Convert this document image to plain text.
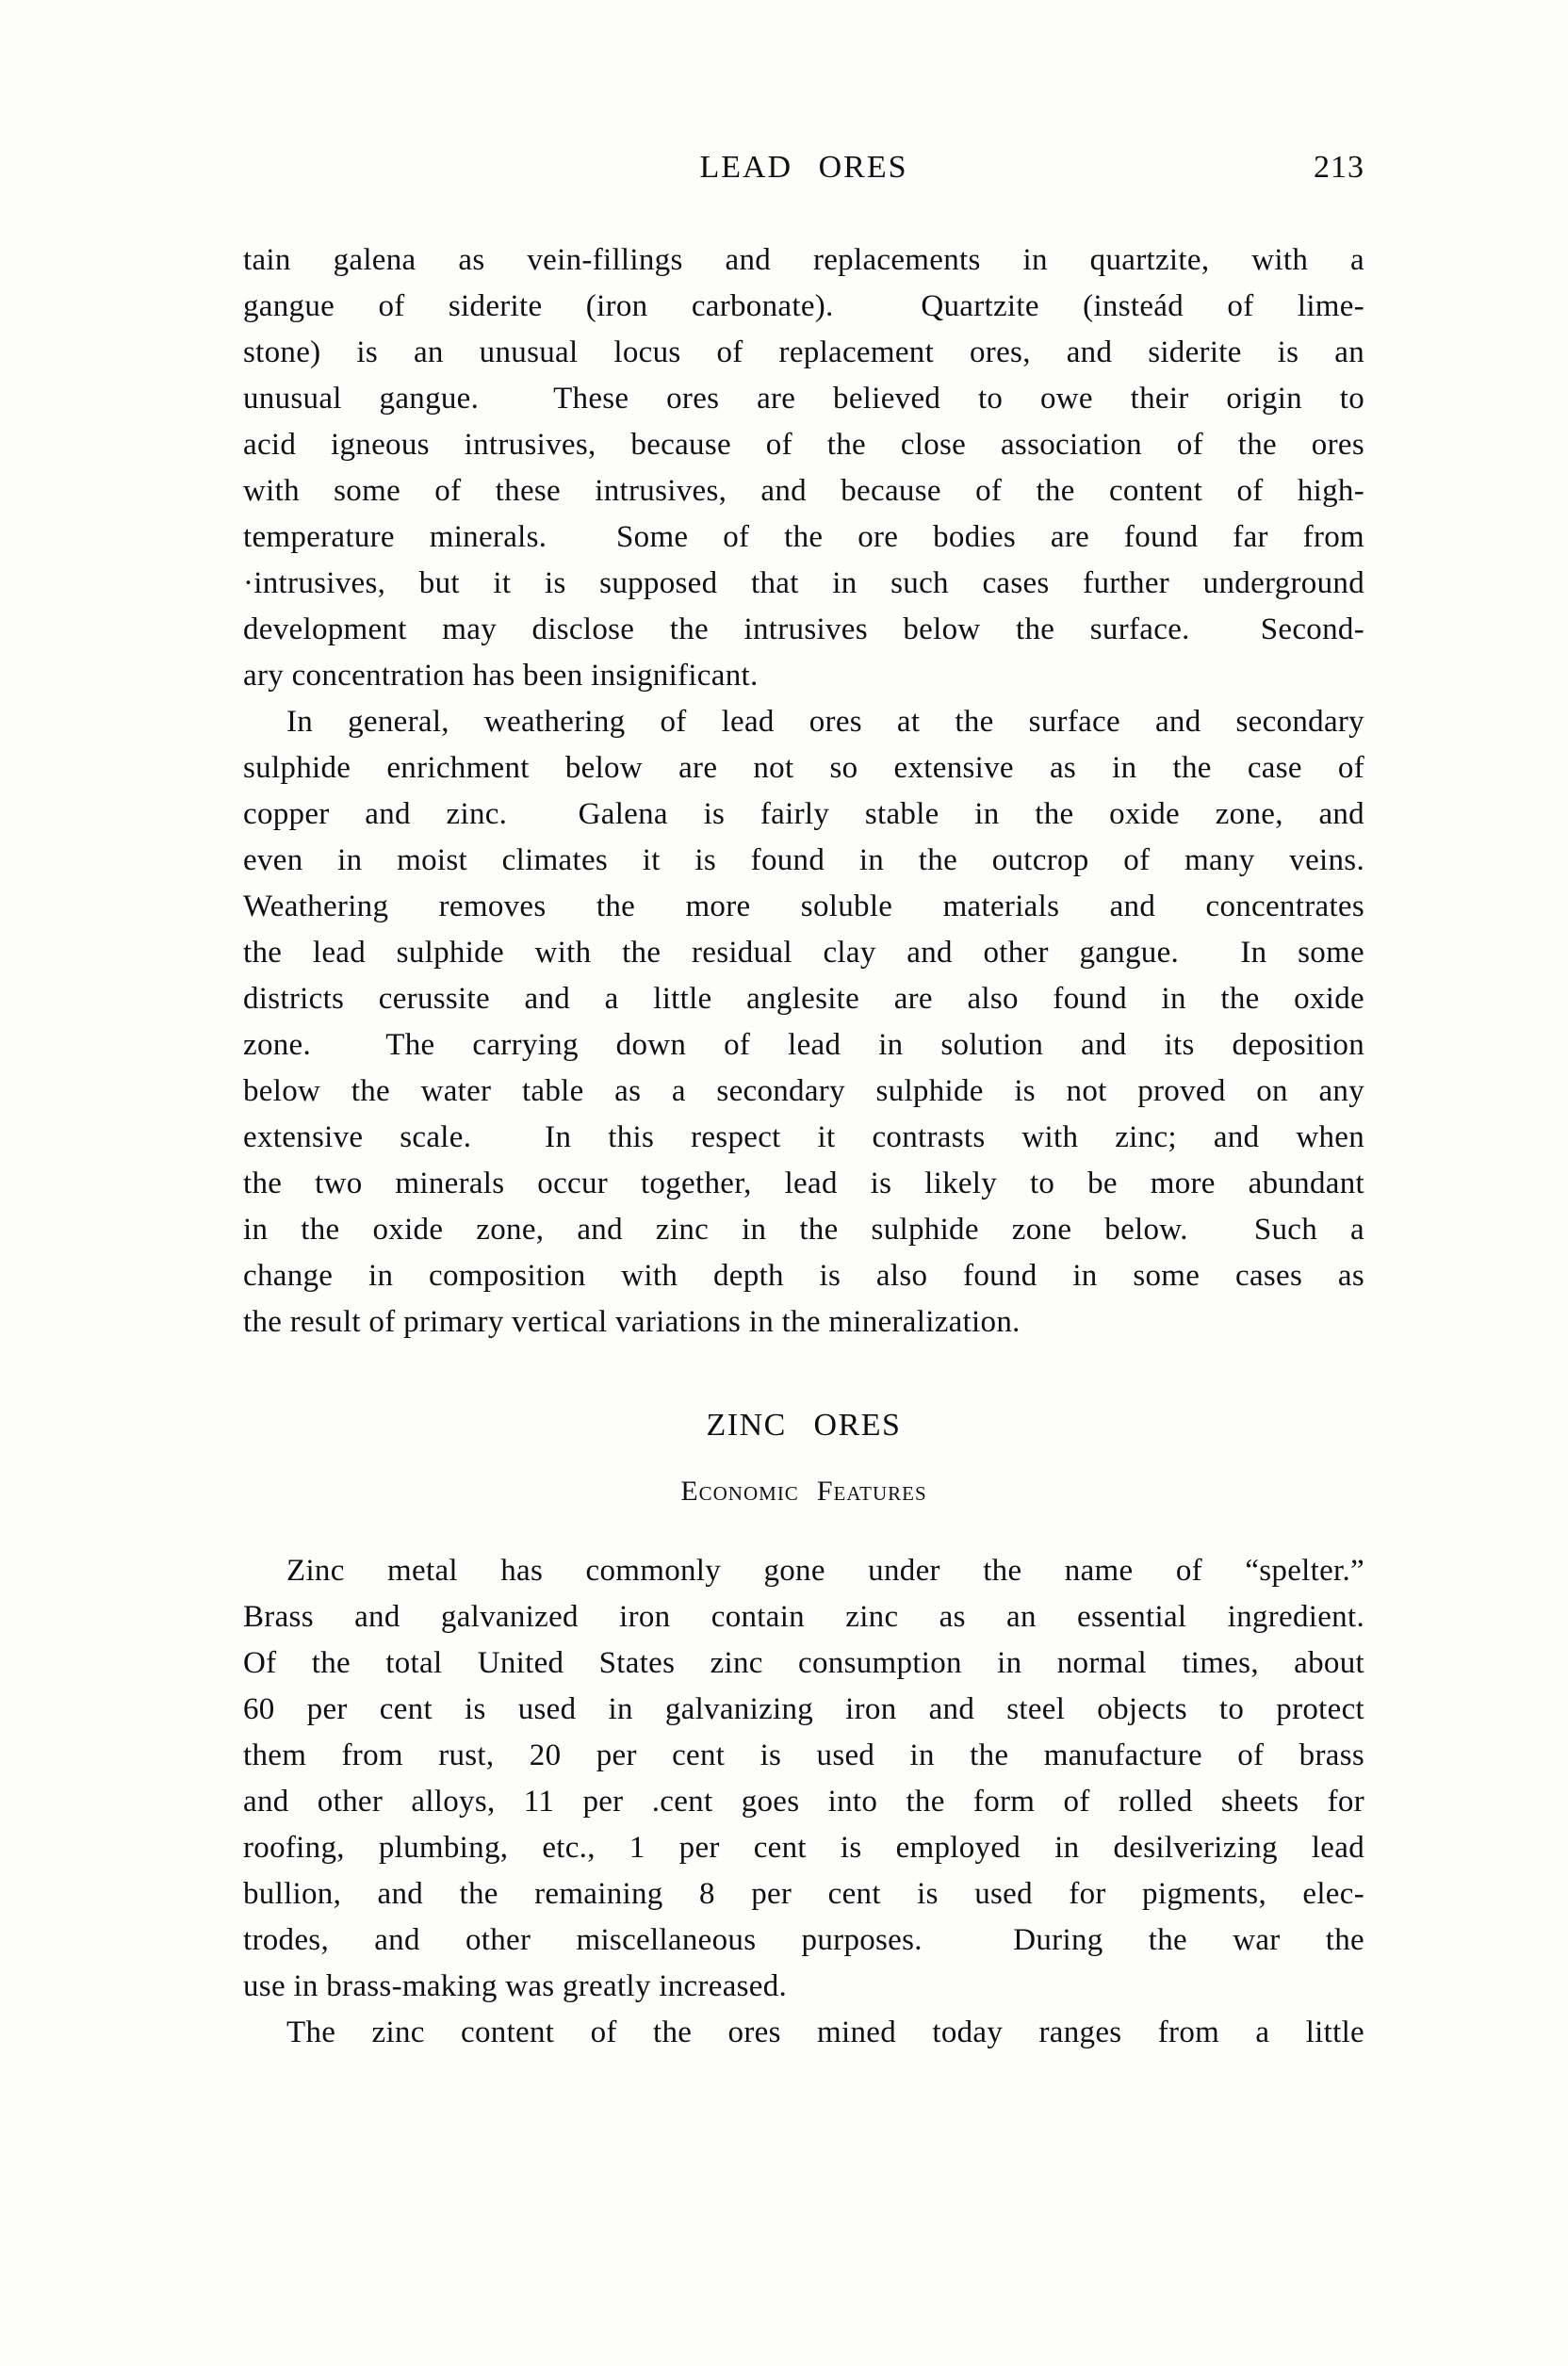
LEAD ORES	213
tain galena as vein-fillings and replacements in quartzite, with a
gangue of siderite (iron carbonate).  Quartzite (insteád of lime-
stone) is an unusual locus of replacement ores, and siderite is an
unusual gangue.  These ores are believed to owe their origin to
acid igneous intrusives, because of the close association of the ores
with some of these intrusives, and because of the content of high-
temperature minerals.  Some of the ore bodies are found far from
·intrusives, but it is supposed that in such cases further underground
development may disclose the intrusives below the surface.  Second-
ary concentration has been insignificant.
In general, weathering of lead ores at the surface and secondary
sulphide enrichment below are not so extensive as in the case of
copper and zinc.  Galena is fairly stable in the oxide zone, and
even in moist climates it is found in the outcrop of many veins.
Weathering removes the more soluble materials and concentrates
the lead sulphide with the residual clay and other gangue.  In some
districts cerussite and a little anglesite are also found in the oxide
zone.  The carrying down of lead in solution and its deposition
below the water table as a secondary sulphide is not proved on any
extensive scale.  In this respect it contrasts with zinc; and when
the two minerals occur together, lead is likely to be more abundant
in the oxide zone, and zinc in the sulphide zone below.  Such a
change in composition with depth is also found in some cases as
the result of primary vertical variations in the mineralization.
ZINC ORES
Economic Features
Zinc metal has commonly gone under the name of “spelter.”
Brass and galvanized iron contain zinc as an essential ingredient.
Of the total United States zinc consumption in normal times, about
60 per cent is used in galvanizing iron and steel objects to protect
them from rust, 20 per cent is used in the manufacture of brass
and other alloys, 11 per .cent goes into the form of rolled sheets for
roofing, plumbing, etc., 1 per cent is employed in desilverizing lead
bullion, and the remaining 8 per cent is used for pigments, elec-
trodes, and other miscellaneous purposes.  During the war the
use in brass-making was greatly increased.
The zinc content of the ores mined today ranges from a little
